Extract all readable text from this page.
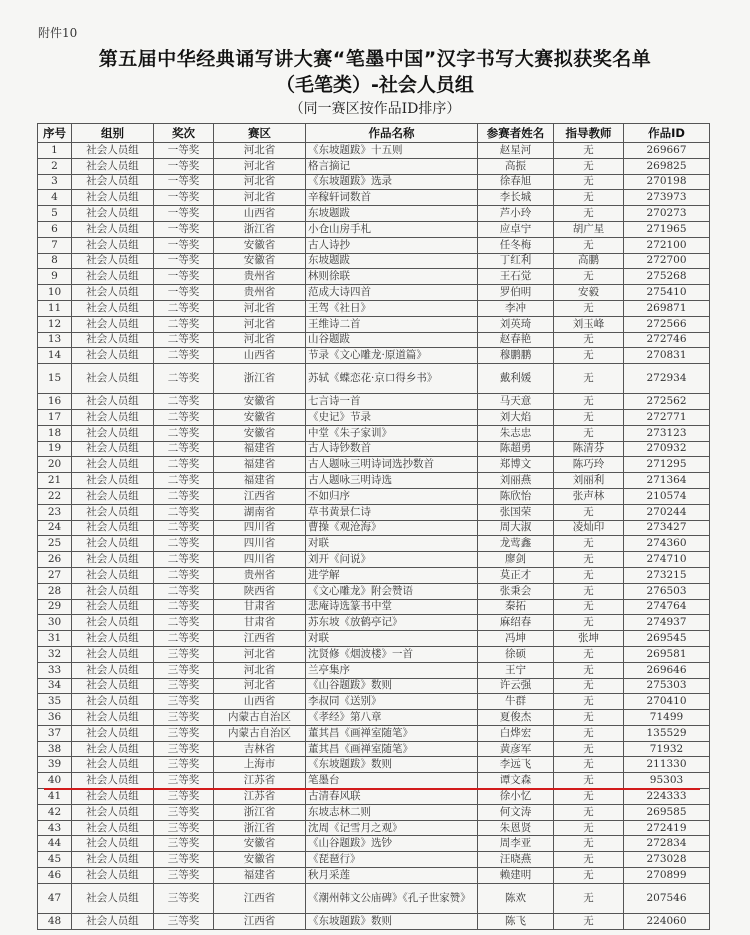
附件10
第五届中华经典诵写讲大赛“笔墨中国”汉字书写大赛拟获奖名单
（毛笔类）-社会人员组
（同一赛区按作品ID排序）
序号	组别	奖次	赛区	作品名称	参赛者姓名	指导教师	作品ID
1	社会人员组	一等奖	河北省	《东坡题跋》十五则	赵星河	无	269667
2	社会人员组	一等奖	河北省	格言摘记	高振	无	269825
3	社会人员组	一等奖	河北省	《东坡题跋》选录	徐春旭	无	270198
4	社会人员组	一等奖	河北省	辛稼轩词数首	李长城	无	273973
5	社会人员组	一等奖	山西省	东坡题跋	芦小玲	无	270273
6	社会人员组	一等奖	浙江省	小仓山房手札	应卓宁	胡广星	271965
7	社会人员组	一等奖	安徽省	古人诗抄	任冬梅	无	272100
8	社会人员组	一等奖	安徽省	东坡题跋	丁红利	高鹏	272700
9	社会人员组	一等奖	贵州省	林则徐联	王石觉	无	275268
10	社会人员组	一等奖	贵州省	范成大诗四首	罗伯明	安毅	275410
11	社会人员组	二等奖	河北省	王驾《社日》	李冲	无	269871
12	社会人员组	二等奖	河北省	王维诗二首	刘英琦	刘玉峰	272566
13	社会人员组	二等奖	河北省	山谷题跋	赵春艳	无	272746
14	社会人员组	二等奖	山西省	节录《文心雕龙·原道篇》	穆鹏鹏	无	270831
15	社会人员组	二等奖	浙江省	苏轼《蝶恋花·京口得乡书》	戴利媛	无	272934
16	社会人员组	二等奖	安徽省	七言诗一首	马天意	无	272562
17	社会人员组	二等奖	安徽省	《史记》节录	刘大焰	无	272771
18	社会人员组	二等奖	安徽省	中堂《朱子家训》	朱志忠	无	273123
19	社会人员组	二等奖	福建省	古人诗钞数首	陈超勇	陈清芬	270932
20	社会人员组	二等奖	福建省	古人题咏三明诗词选抄数首	郑博文	陈巧玲	271295
21	社会人员组	二等奖	福建省	古人题咏三明诗选	刘丽燕	刘丽利	271364
22	社会人员组	二等奖	江西省	不如归序	陈欣怡	张声林	210574
23	社会人员组	二等奖	湖南省	草书黄景仁诗	张国荣	无	270244
24	社会人员组	二等奖	四川省	曹操《观沧海》	周大淑	凌灿印	273427
25	社会人员组	二等奖	四川省	对联	龙莺鑫	无	274360
26	社会人员组	二等奖	四川省	刘开《问说》	廖剑	无	274710
27	社会人员组	二等奖	贵州省	进学解	莫正才	无	273215
28	社会人员组	二等奖	陕西省	《文心雕龙》附会赞语	张秉会	无	276503
29	社会人员组	二等奖	甘肃省	悲庵诗选篆书中堂	秦拓	无	274764
30	社会人员组	二等奖	甘肃省	苏东坡《放鹤亭记》	麻绍春	无	274937
31	社会人员组	二等奖	江西省	对联	冯坤	张坤	269545
32	社会人员组	三等奖	河北省	沈贤修《烟波楼》一首	徐硕	无	269581
33	社会人员组	三等奖	河北省	兰亭集序	王宁	无	269646
34	社会人员组	三等奖	河北省	《山谷题跋》数则	许云强	无	275303
35	社会人员组	三等奖	山西省	李叔同《送别》	牛群	无	270410
36	社会人员组	三等奖	内蒙古自治区	《孝经》第八章	夏俊杰	无	71499
37	社会人员组	三等奖	内蒙古自治区	董其昌《画禅室随笔》	白烨宏	无	135529
38	社会人员组	三等奖	吉林省	董其昌《画禅室随笔》	黄彦军	无	71932
39	社会人员组	三等奖	上海市	《东坡题跋》数则	李远飞	无	211330
40	社会人员组	三等奖	江苏省	笔墨台	谭文森	无	95303
41	社会人员组	三等奖	江苏省	古清春风联	徐小忆	无	224333
42	社会人员组	三等奖	浙江省	东坡志林二则	何文涛	无	269585
43	社会人员组	三等奖	浙江省	沈周《记雪月之观》	朱恩贤	无	272419
44	社会人员组	三等奖	安徽省	《山谷题跋》选钞	周李亚	无	272834
45	社会人员组	三等奖	安徽省	《琵琶行》	汪晓燕	无	273028
46	社会人员组	三等奖	福建省	秋月采莲	赖建明	无	270899
47	社会人员组	三等奖	江西省	《潮州韩文公庙碑》《孔子世家赞》	陈欢	无	207546
48	社会人员组	三等奖	江西省	《东坡题跋》数则	陈飞	无	224060
